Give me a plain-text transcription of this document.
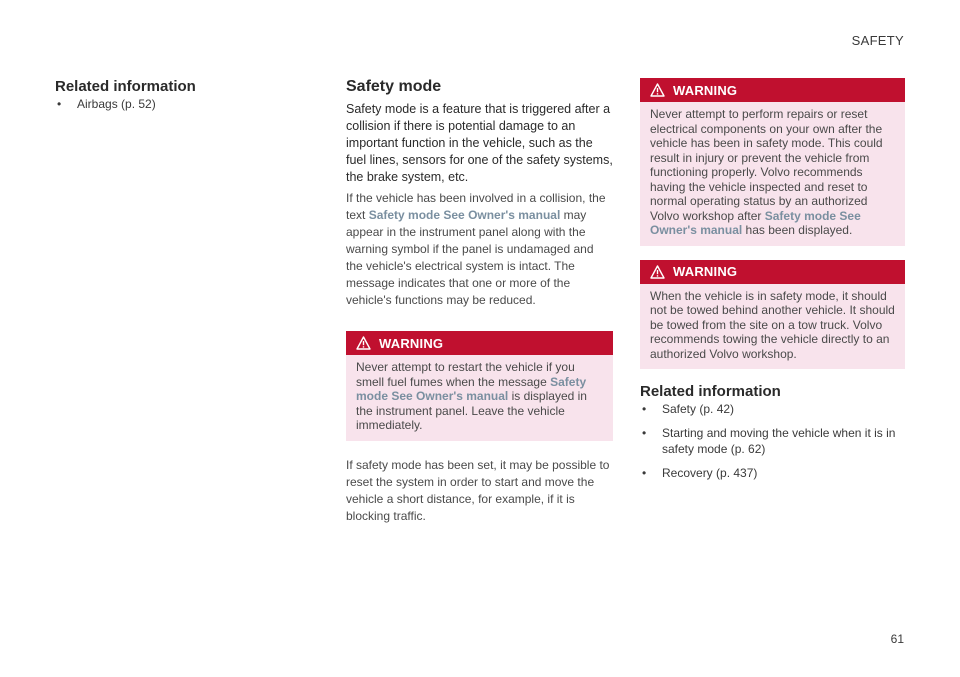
SAFETY
Related information
• Airbags (p. 52)
Safety mode

Safety mode is a feature that is triggered after a collision if there is potential damage to an important function in the vehicle, such as the fuel lines, sensors for one of the safety systems, the brake system, etc.

If the vehicle has been involved in a collision, the text Safety mode See Owner's manual may appear in the instrument panel along with the warning symbol if the panel is undamaged and the vehicle's electrical system is intact. The message indicates that one or more of the vehicle's functions may be reduced.

WARNING
Never attempt to restart the vehicle if you smell fuel fumes when the message Safety mode See Owner's manual is displayed in the instrument panel. Leave the vehicle immediately.

If safety mode has been set, it may be possible to reset the system in order to start and move the vehicle a short distance, for example, if it is blocking traffic.

WARNING
Never attempt to perform repairs or reset electrical components on your own after the vehicle has been in safety mode. This could result in injury or prevent the vehicle from functioning properly. Volvo recommends having the vehicle inspected and reset to normal operating status by an authorized Volvo workshop after Safety mode See Owner's manual has been displayed.
WARNING
When the vehicle is in safety mode, it should not be towed behind another vehicle. It should be towed from the site on a tow truck. Volvo recommends towing the vehicle directly to an authorized Volvo workshop.
Related information
• Safety (p. 42)
• Starting and moving the vehicle when it is in safety mode (p. 62)
• Recovery (p. 437)
61
